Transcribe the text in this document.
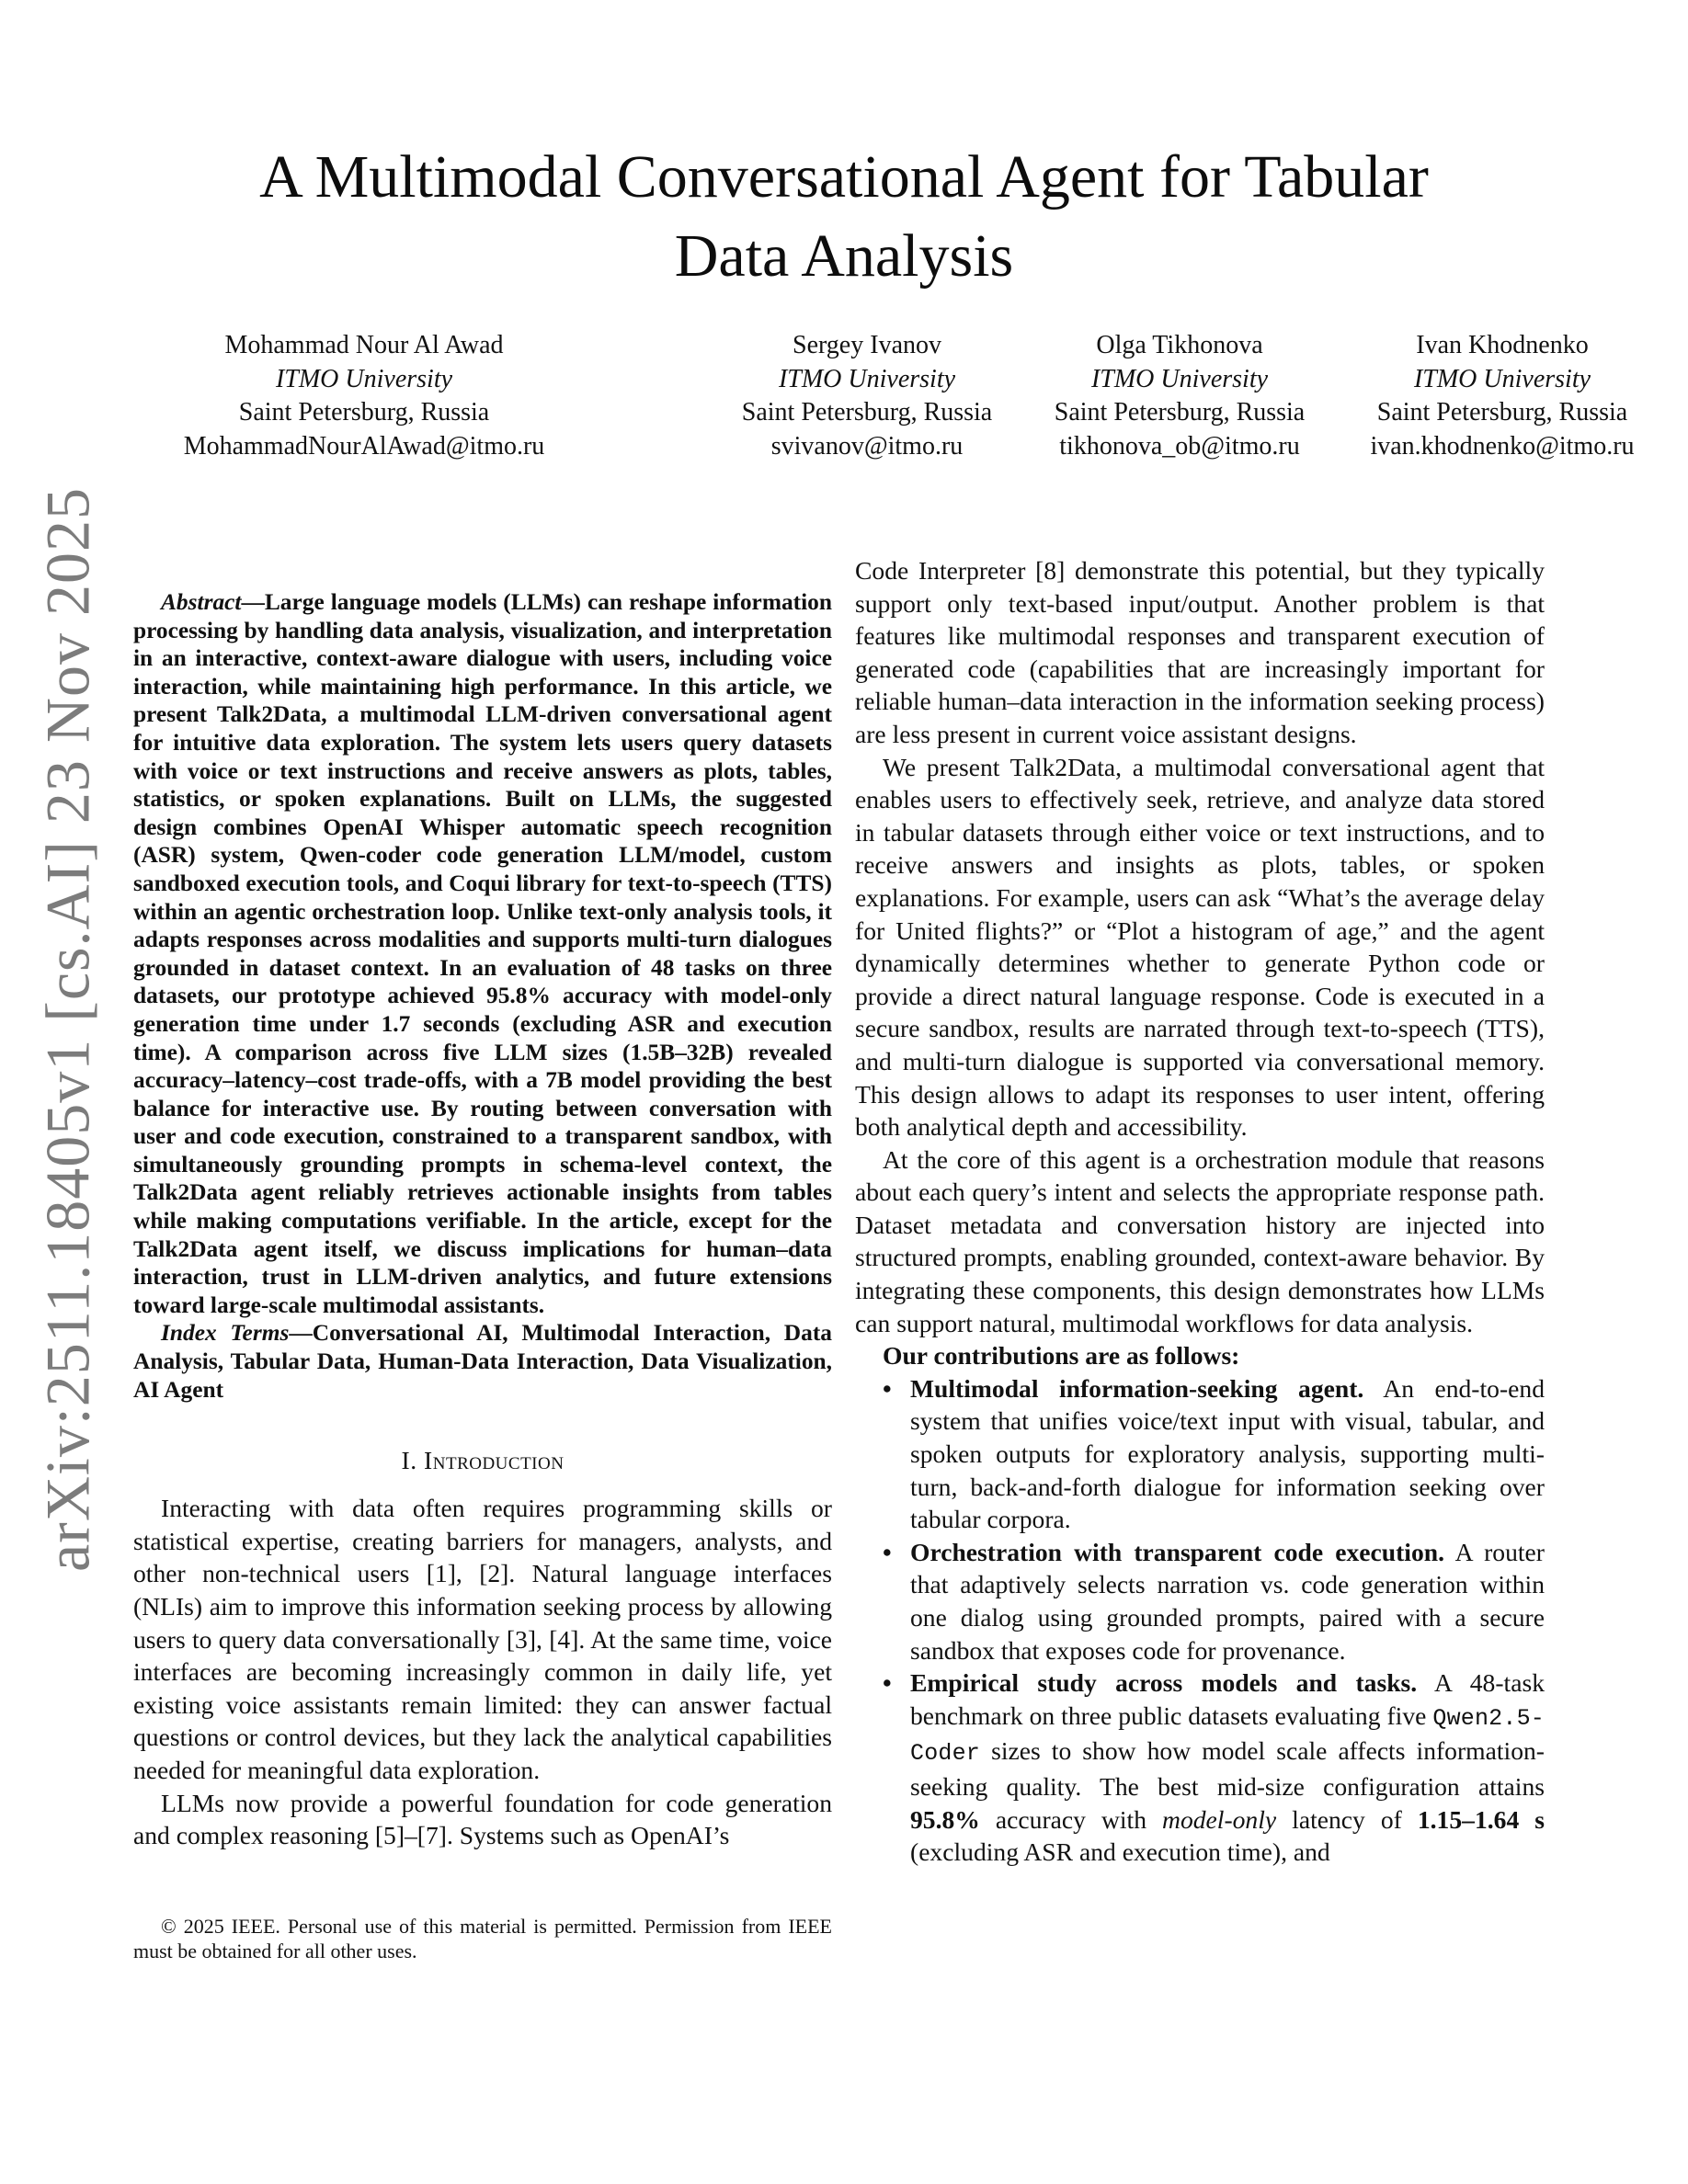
A Multimodal Conversational Agent for Tabular
Data Analysis
arXiv:2511.18405v1 [cs.AI] 23 Nov 2025
Mohammad Nour Al Awad
ITMO University
Saint Petersburg, Russia
MohammadNourAlAwad@itmo.ru
Sergey Ivanov
ITMO University
Saint Petersburg, Russia
svivanov@itmo.ru
Olga Tikhonova
ITMO University
Saint Petersburg, Russia
tikhonova_ob@itmo.ru
Ivan Khodnenko
ITMO University
Saint Petersburg, Russia
ivan.khodnenko@itmo.ru

Abstract—Large language models (LLMs) can reshape information processing by handling data analysis, visualization, and interpretation in an interactive, context-aware dialogue with users, including voice interaction, while maintaining high performance. In this article, we present Talk2Data, a multimodal LLM-driven conversational agent for intuitive data exploration. The system lets users query datasets with voice or text instructions and receive answers as plots, tables, statistics, or spoken explanations. Built on LLMs, the suggested design combines OpenAI Whisper automatic speech recognition (ASR) system, Qwen-coder code generation LLM/model, custom sandboxed execution tools, and Coqui library for text-to-speech (TTS) within an agentic orchestration loop. Unlike text-only analysis tools, it adapts responses across modalities and supports multi-turn dialogues grounded in dataset context. In an evaluation of 48 tasks on three datasets, our prototype achieved 95.8% accuracy with model-only generation time under 1.7 seconds (excluding ASR and execution time). A comparison across five LLM sizes (1.5B–32B) revealed accuracy–latency–cost trade-offs, with a 7B model providing the best balance for interactive use. By routing between conversation with user and code execution, constrained to a transparent sandbox, with simultaneously grounding prompts in schema-level context, the Talk2Data agent reliably retrieves actionable insights from tables while making computations verifiable. In the article, except for the Talk2Data agent itself, we discuss implications for human–data interaction, trust in LLM-driven analytics, and future extensions toward large-scale multimodal assistants.

Index Terms—Conversational AI, Multimodal Interaction, Data Analysis, Tabular Data, Human-Data Interaction, Data Visualization, AI Agent

I. Introduction

Interacting with data often requires programming skills or statistical expertise, creating barriers for managers, analysts, and other non-technical users [1], [2]. Natural language interfaces (NLIs) aim to improve this information seeking process by allowing users to query data conversationally [3], [4]. At the same time, voice interfaces are becoming increasingly common in daily life, yet existing voice assistants remain limited: they can answer factual questions or control devices, but they lack the analytical capabilities needed for meaningful data exploration.

LLMs now provide a powerful foundation for code generation and complex reasoning [5]–[7]. Systems such as OpenAI’s

© 2025 IEEE. Personal use of this material is permitted. Permission from IEEE must be obtained for all other uses.

Code Interpreter [8] demonstrate this potential, but they typically support only text-based input/output. Another problem is that features like multimodal responses and transparent execution of generated code (capabilities that are increasingly important for reliable human–data interaction in the information seeking process) are less present in current voice assistant designs.

We present Talk2Data, a multimodal conversational agent that enables users to effectively seek, retrieve, and analyze data stored in tabular datasets through either voice or text instructions, and to receive answers and insights as plots, tables, or spoken explanations. For example, users can ask “What’s the average delay for United flights?” or “Plot a histogram of age,” and the agent dynamically determines whether to generate Python code or provide a direct natural language response. Code is executed in a secure sandbox, results are narrated through text-to-speech (TTS), and multi-turn dialogue is supported via conversational memory. This design allows to adapt its responses to user intent, offering both analytical depth and accessibility.

At the core of this agent is a orchestration module that reasons about each query’s intent and selects the appropriate response path. Dataset metadata and conversation history are injected into structured prompts, enabling grounded, context-aware behavior. By integrating these components, this design demonstrates how LLMs can support natural, multimodal workflows for data analysis.

Our contributions are as follows:

• Multimodal information-seeking agent. An end-to-end system that unifies voice/text input with visual, tabular, and spoken outputs for exploratory analysis, supporting multi-turn, back-and-forth dialogue for information seeking over tabular corpora.
• Orchestration with transparent code execution. A router that adaptively selects narration vs. code generation within one dialog using grounded prompts, paired with a secure sandbox that exposes code for provenance.
• Empirical study across models and tasks. A 48-task benchmark on three public datasets evaluating five Qwen2.5-Coder sizes to show how model scale affects information-seeking quality. The best mid-size configuration attains 95.8% accuracy with model-only latency of 1.15–1.64 s (excluding ASR and execution time), and
